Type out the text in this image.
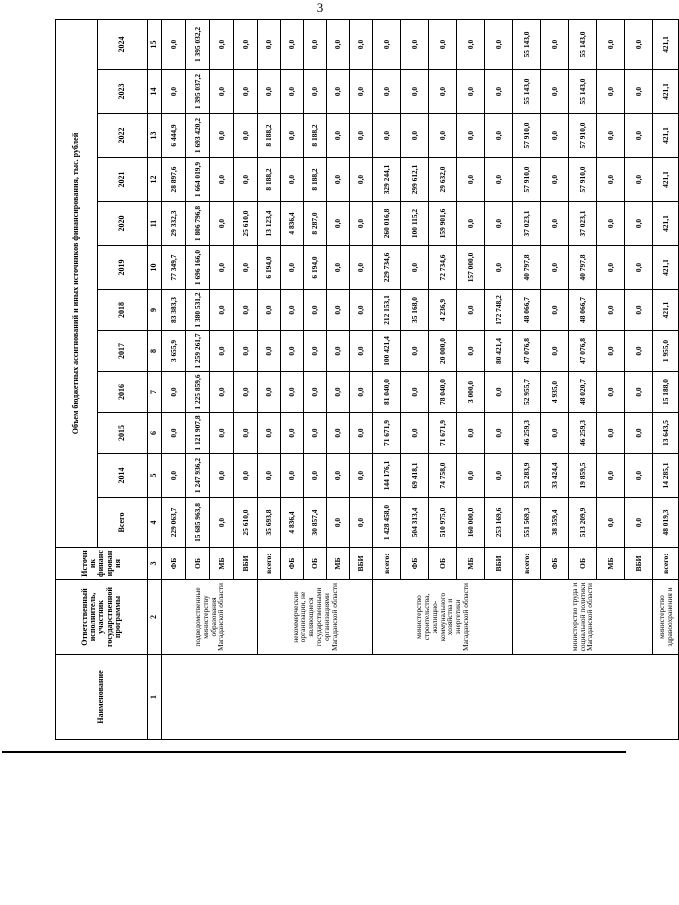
3
Наименование	Ответственный исполнитель, участник государственной программы	Источник финансирования	Объем бюджетных ассигнований и иных источников финансирования, тыс. рублей											
			Всего	2014	2015	2016	2017	2018	2019	2020	2021	2022	2023	2024
1	2	3	4	5	6	7	8	9	10	11	12	13	14	15
	подведомственные министерству образования Магаданской области	ФБ	229 063,7	0,0	0,0	0,0	3 655,9	83 383,3	77 349,7	29 332,3	28 897,6	6 444,9	0,0	0,0
		ОБ	15 685 963,8	1 247 936,2	1 121 907,8	1 225 859,6	1 259 261,7	1 380 531,2	1 696 166,0	1 806 796,8	1 664 019,9	1 693 420,2	1 395 037,2	1 395 032,2
		МБ	0,0	0,0	0,0	0,0	0,0	0,0	0,0	0,0	0,0	0,0	0,0	0,0
		ВБИ	25 610,0	0,0	0,0	0,0	0,0	0,0	0,0	25 610,0	0,0	0,0	0,0	0,0
	некоммерческие организации, не являющиеся государственными организациями Магаданской области	всего:	35 693,8	0,0	0,0	0,0	0,0	0,0	6 194,0	13 123,4	8 188,2	8 188,2	0,0	0,0
		ФБ	4 836,4	0,0	0,0	0,0	0,0	0,0	0,0	4 836,4	0,0	0,0	0,0	0,0
		ОБ	30 857,4	0,0	0,0	0,0	0,0	0,0	6 194,0	8 287,0	8 188,2	8 188,2	0,0	0,0
		МБ	0,0	0,0	0,0	0,0	0,0	0,0	0,0	0,0	0,0	0,0	0,0	0,0
		ВБИ	0,0	0,0	0,0	0,0	0,0	0,0	0,0	0,0	0,0	0,0	0,0	0,0
	министерство строительства, жилищно-коммунального хозяйства и энергетики Магаданской области	всего:	1 428 458,0	144 176,1	71 671,9	81 040,0	100 421,4	212 153,1	229 734,6	260 016,8	329 244,1	0,0	0,0	0,0
		ФБ	504 313,4	69 418,1	0,0	0,0	0,0	35 168,0	0,0	100 115,2	299 612,1	0,0	0,0	0,0
		ОБ	510 975,0	74 758,0	71 671,9	78 040,0	20 000,0	4 236,9	72 734,6	159 901,6	29 632,0	0,0	0,0	0,0
		МБ	160 000,0	0,0	0,0	3 000,0	0,0	0,0	157 000,0	0,0	0,0	0,0	0,0	0,0
		ВБИ	253 169,6	0,0	0,0	0,0	80 421,4	172 748,2	0,0	0,0	0,0	0,0	0,0	0,0
	министерство труда и социальной политики Магаданской области	всего:	551 569,3	53 283,9	46 259,3	52 955,7	47 076,8	48 066,7	40 797,8	37 023,1	57 910,0	57 910,0	55 143,0	55 143,0
		ФБ	38 359,4	33 424,4	0,0	4 935,0	0,0	0,0	0,0	0,0	0,0	0,0	0,0	0,0
		ОБ	513 209,9	19 859,5	46 259,3	48 020,7	47 076,8	48 066,7	40 797,8	37 023,1	57 910,0	57 910,0	55 143,0	55 143,0
		МБ	0,0	0,0	0,0	0,0	0,0	0,0	0,0	0,0	0,0	0,0	0,0	0,0
		ВБИ	0,0	0,0	0,0	0,0	0,0	0,0	0,0	0,0	0,0	0,0	0,0	0,0
	министерство здравоохранения и	всего:	48 019,3	14 285,1	13 643,5	15 188,0	1 955,0	421,1	421,1	421,1	421,1	421,1	421,1	421,1
